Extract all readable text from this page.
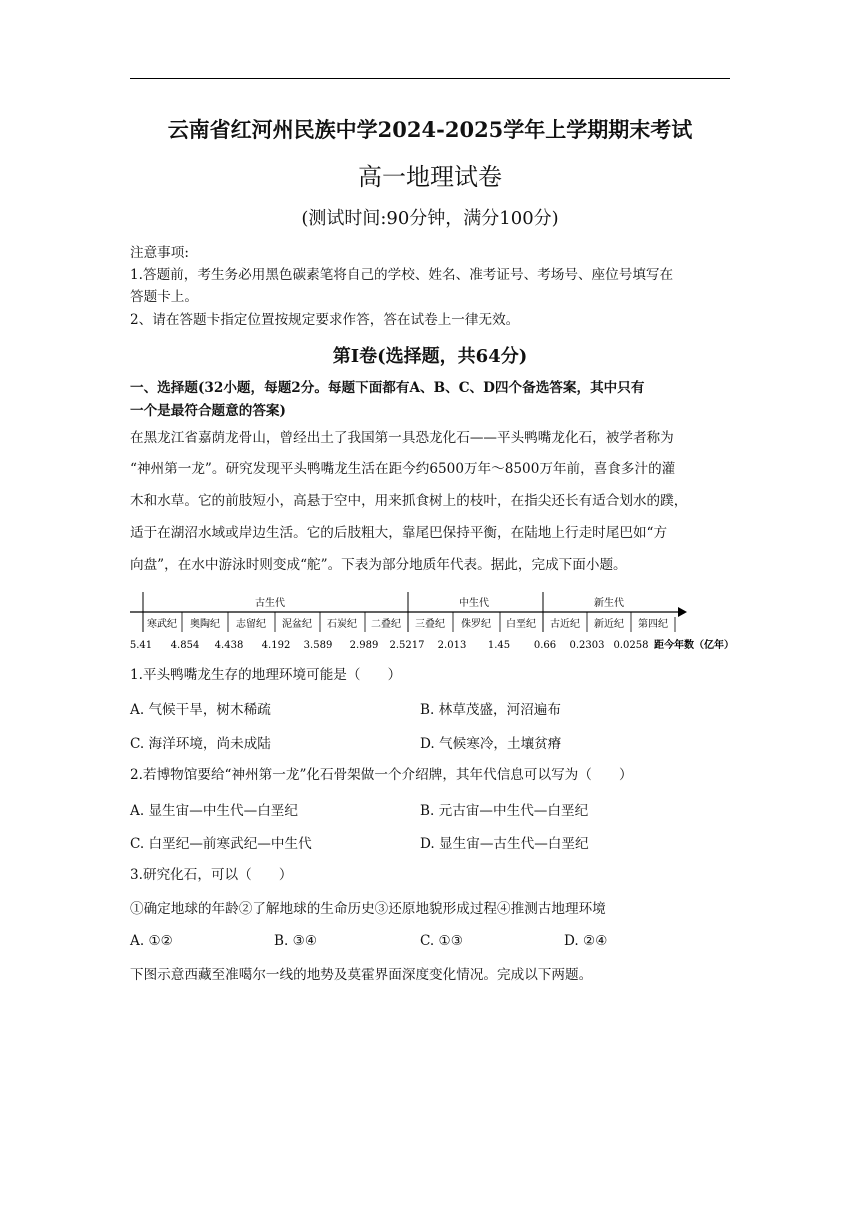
云南省红河州民族中学2024-2025学年上学期期末考试
高一地理试卷
(测试时间:90分钟，满分100分)
注意事项:
1.答题前，考生务必用黑色碳素笔将自己的学校、姓名、准考证号、考场号、座位号填写在
答题卡上。
2、请在答题卡指定位置按规定要求作答，答在试卷上一律无效。
第I卷(选择题，共64分)
一、选择题(32小题，每题2分。每题下面都有A、B、C、D四个备选答案，其中只有
一个是最符合题意的答案)
在黑龙江省嘉荫龙骨山，曾经出土了我国第一具恐龙化石——平头鸭嘴龙化石，被学者称为
“神州第一龙”。研究发现平头鸭嘴龙生活在距今约6500万年～8500万年前，喜食多汁的灌
木和水草。它的前肢短小，高悬于空中，用来抓食树上的枝叶，在指尖还长有适合划水的蹼，
适于在湖沼水域或岸边生活。它的后肢粗大，靠尾巴保持平衡，在陆地上行走时尾巴如“方
向盘”，在水中游泳时则变成“舵”。下表为部分地质年代表。据此，完成下面小题。
古生代	中生代	新生代
寒武纪 奥陶纪 志留纪 泥盆纪 石炭纪 二叠纪 三叠纪 侏罗纪 白垩纪 古近纪 新近纪 第四纪
5.41 4.854 4.438 4.192 3.589 2.989 2.5217 2.013 1.45 0.66 0.2303 0.0258 距今年数（亿年）
1.平头鸭嘴龙生存的地理环境可能是（　　）
A. 气候干旱，树木稀疏	B. 林草茂盛，河沼遍布
C. 海洋环境，尚未成陆	D. 气候寒冷，土壤贫瘠
2.若博物馆要给“神州第一龙”化石骨架做一个介绍牌，其年代信息可以写为（　　）
A. 显生宙—中生代—白垩纪	B. 元古宙—中生代—白垩纪
C. 白垩纪—前寒武纪—中生代	D. 显生宙—古生代—白垩纪
3.研究化石，可以（　　）
①确定地球的年龄②了解地球的生命历史③还原地貌形成过程④推测古地理环境
A. ①②	B. ③④	C. ①③	D. ②④
下图示意西藏至准噶尔一线的地势及莫霍界面深度变化情况。完成以下两题。
